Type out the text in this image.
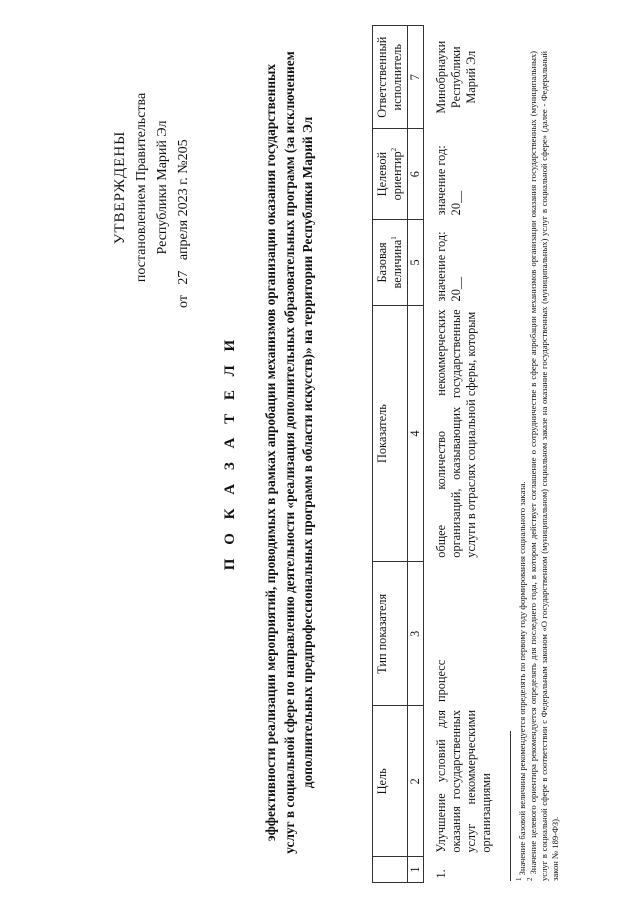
УТВЕРЖДЕНЫ постановлением Правительства Республики Марий Эл
от   27   апреля 2023 г. №205
П О К А З А Т Е Л И эффективности реализации мероприятий, проводимых в рамках апробации механизмов организации оказания государственных услуг в социальной сфере по направлению деятельности «реализация дополнительных образовательных программ (за исключением дополнительных предпрофессиональных программ в области искусств)» на территории Республики Марий Эл
		Цель	Тип показателя	Показатель	Базовая величина$^1$	Целевой ориентир$^2$	Ответственный исполнитель
1	2	3	4	5	6	7
1.	Улучшение условий для оказания государственных услуг некоммерческими организациями	процесс	общее количество некоммерческих организаций, оказывающих государственные услуги в отраслях социальной сферы, которым	значение год: 20__	значение год: 20__	Минобрнауки Республики Марий Эл
$^1$ Значение базовой величины рекомендуется определять по первому году формирования социального заказа.
$^2$ Значение целевого ориентира рекомендуется определять для последнего года, в котором действует соглашение о сотрудничестве в сфере апробации механизмов организации оказания государственных (муниципальных) услуг в социальной сфере в соответствии с Федеральным законом «О государственном (муниципальном) социальном заказе на оказание государственных (муниципальных) услуг в социальной сфере» (далее - Федеральный закон № 189-ФЗ).
